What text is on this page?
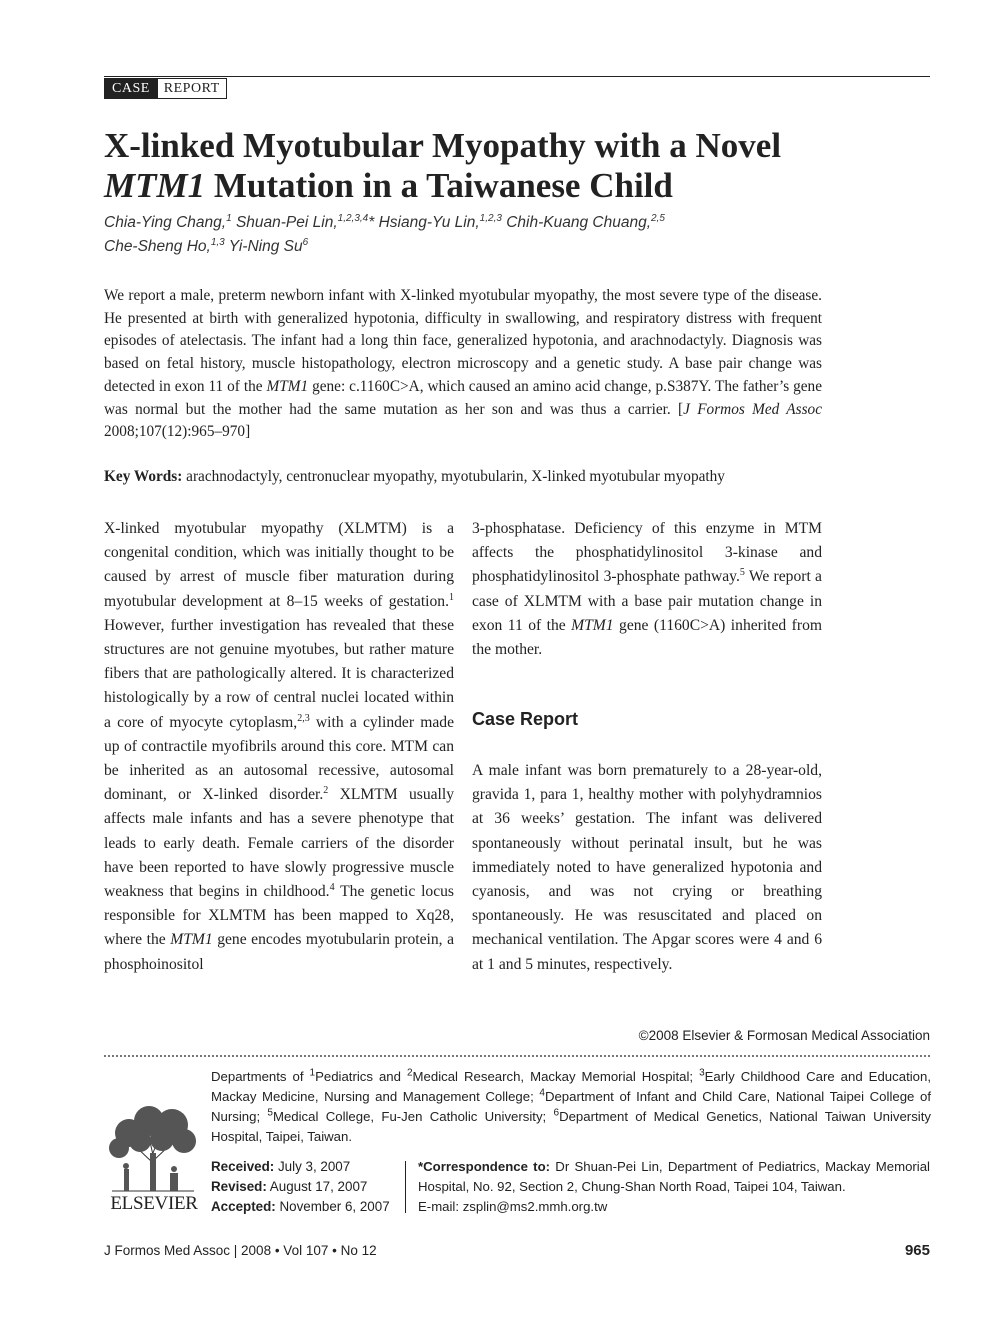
CASE	REPORT
X-linked Myotubular Myopathy with a Novel
MTM1 Mutation in a Taiwanese Child
Chia-Ying Chang,$^1$ Shuan-Pei Lin,$^{1,2,3,4}$* Hsiang-Yu Lin,$^{1,2,3}$ Chih-Kuang Chuang,$^{2,5}$
Che-Sheng Ho,$^{1,3}$ Yi-Ning Su$^6$
We report a male, preterm newborn infant with X-linked myotubular myopathy, the most severe type of the disease. He presented at birth with generalized hypotonia, difficulty in swallowing, and respiratory distress with frequent episodes of atelectasis. The infant had a long thin face, generalized hypotonia, and arachnodactyly. Diagnosis was based on fetal history, muscle histopathology, electron microscopy and a genetic study. A base pair change was detected in exon 11 of the MTM1 gene: c.1160C>A, which caused an amino acid change, p.S387Y. The father’s gene was normal but the mother had the same mutation as her son and was thus a carrier. [J Formos Med Assoc 2008;107(12):965–970]
Key Words: arachnodactyly, centronuclear myopathy, myotubularin, X-linked myotubular myopathy
X-linked myotubular myopathy (XLMTM) is a congenital condition, which was initially thought to be caused by arrest of muscle fiber maturation during myotubular development at 8–15 weeks of gestation.$^1$ However, further investigation has revealed that these structures are not genuine myotubes, but rather mature fibers that are pathologically altered. It is characterized histologically by a row of central nuclei located within a core of myocyte cytoplasm,$^{2,3}$ with a cylinder made up of contractile myofibrils around this core. MTM can be inherited as an autosomal recessive, autosomal dominant, or X-linked disorder.$^2$ XLMTM usually affects male infants and has a severe phenotype that leads to early death. Female carriers of the disorder have been reported to have slowly progressive muscle weakness that begins in childhood.$^4$ The genetic locus responsible for XLMTM has been mapped to Xq28, where the MTM1 gene encodes myotubularin protein, a phosphoinositol
3-phosphatase. Deficiency of this enzyme in MTM affects the phosphatidylinositol 3-kinase and phosphatidylinositol 3-phosphate pathway.$^5$ We report a case of XLMTM with a base pair mutation change in exon 11 of the MTM1 gene (1160C>A) inherited from the mother.
Case Report
A male infant was born prematurely to a 28-year-old, gravida 1, para 1, healthy mother with polyhydramnios at 36 weeks’ gestation. The infant was delivered spontaneously without perinatal insult, but he was immediately noted to have generalized hypotonia and cyanosis, and was not crying or breathing spontaneously. He was resuscitated and placed on mechanical ventilation. The Apgar scores were 4 and 6 at 1 and 5 minutes, respectively.
©2008 Elsevier & Formosan Medical Association
ELSEVIER
Departments of $^1$Pediatrics and $^2$Medical Research, Mackay Memorial Hospital; $^3$Early Childhood Care and Education, Mackay Medicine, Nursing and Management College; $^4$Department of Infant and Child Care, National Taipei College of Nursing; $^5$Medical College, Fu-Jen Catholic University; $^6$Department of Medical Genetics, National Taiwan University Hospital, Taipei, Taiwan.
Received: July 3, 2007
Revised: August 17, 2007
Accepted: November 6, 2007
*Correspondence to: Dr Shuan-Pei Lin, Department of Pediatrics, Mackay Memorial Hospital, No. 92, Section 2, Chung-Shan North Road, Taipei 104, Taiwan.
E-mail: zsplin@ms2.mmh.org.tw
J Formos Med Assoc | 2008 • Vol 107 • No 12	965
